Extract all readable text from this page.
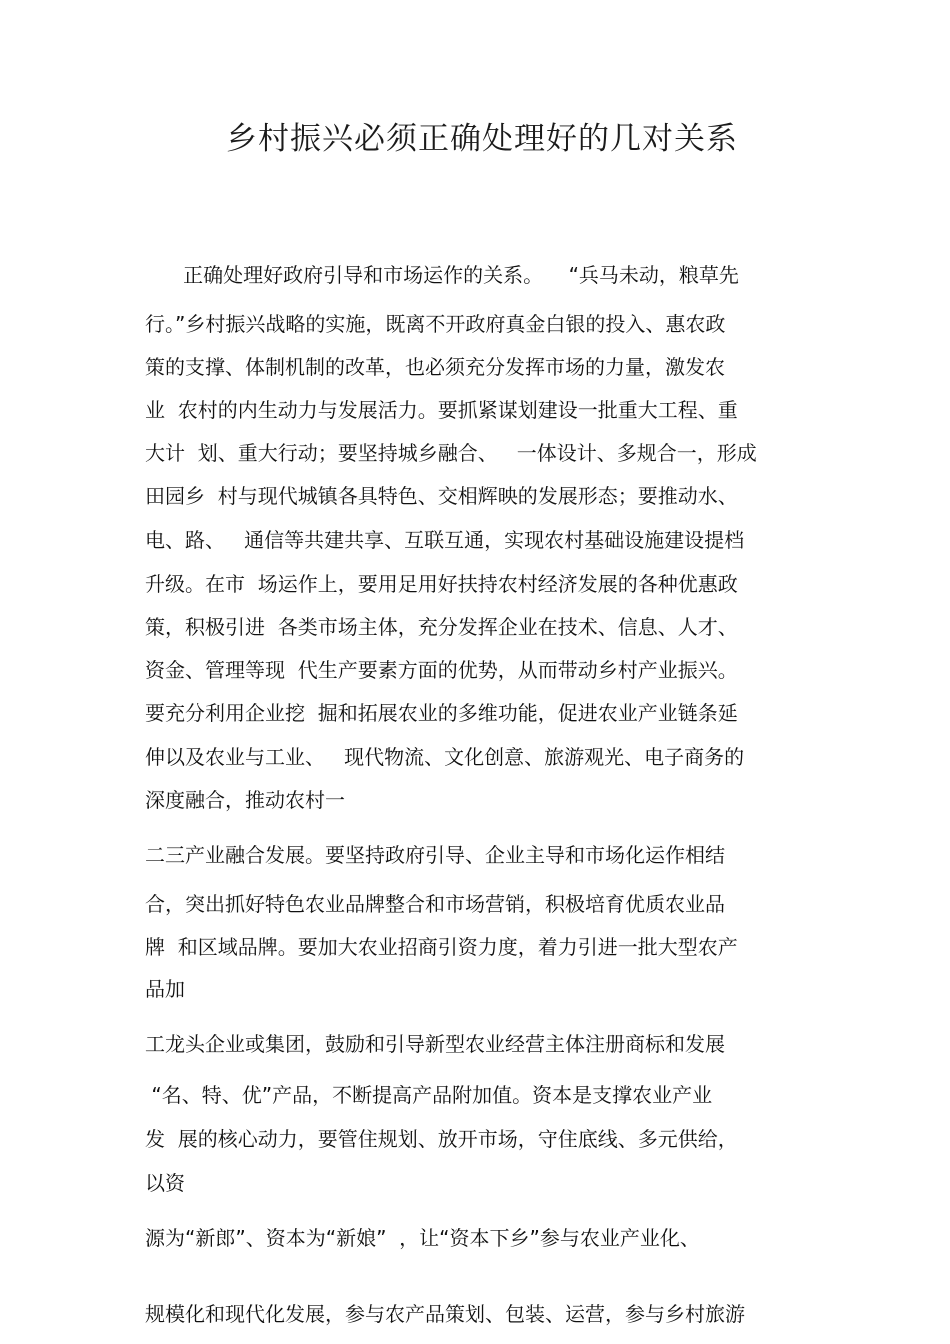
乡村振兴必须正确处理好的几对关系
正确处理好政府引导和市场运作的关系。    “兵马未动，粮草先
行。”乡村振兴战略的实施，既离不开政府真金白银的投入、惠农政
策的支撑、体制机制的改革，也必须充分发挥市场的力量，激发农
业  农村的内生动力与发展活力。要抓紧谋划建设一批重大工程、重
大计  划、重大行动；要坚持城乡融合、   一体设计、多规合一，形成
田园乡  村与现代城镇各具特色、交相辉映的发展形态；要推动水、
电、路、   通信等共建共享、互联互通，实现农村基础设施建设提档
升级。在市  场运作上，要用足用好扶持农村经济发展的各种优惠政
策，积极引进  各类市场主体，充分发挥企业在技术、信息、人才、
资金、管理等现  代生产要素方面的优势，从而带动乡村产业振兴。
要充分利用企业挖  掘和拓展农业的多维功能，促进农业产业链条延
伸以及农业与工业、   现代物流、文化创意、旅游观光、电子商务的
深度融合，推动农村一
二三产业融合发展。要坚持政府引导、企业主导和市场化运作相结
合，突出抓好特色农业品牌整合和市场营销，积极培育优质农业品
牌  和区域品牌。要加大农业招商引资力度，着力引进一批大型农产
品加
工龙头企业或集团，鼓励和引导新型农业经营主体注册商标和发展
“名、特、优”产品，不断提高产品附加值。资本是支撑农业产业
发  展的核心动力，要管住规划、放开市场，守住底线、多元供给，
以资
源为“新郎”、资本为“新娘”  ，让“资本下乡”参与农业产业化、
规模化和现代化发展，参与农产品策划、包装、运营，参与乡村旅游
